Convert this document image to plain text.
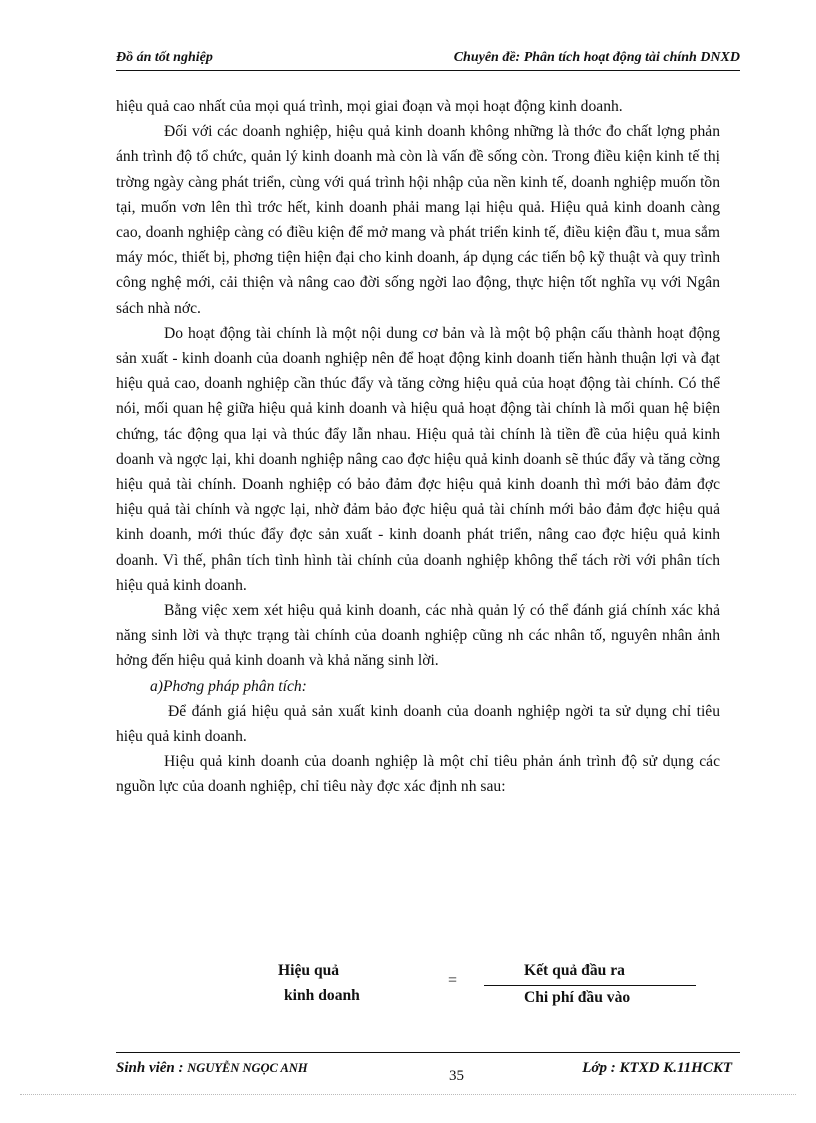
Đồ án tốt nghiệp	Chuyên đề: Phân tích hoạt động tài chính DNXD

hiệu quả cao nhất của mọi quá trình, mọi giai đoạn và mọi hoạt động kinh doanh.

Đối với các doanh nghiệp, hiệu quả kinh doanh không những là thớc đo chất lợng phản ánh trình độ tổ chức, quản lý kinh doanh mà còn là vấn đề sống còn. Trong điều kiện kinh tế thị trờng ngày càng phát triển, cùng với quá trình hội nhập của nền kinh tế, doanh nghiệp muốn tồn tại, muốn vơn lên thì trớc hết, kinh doanh phải mang lại hiệu quả. Hiệu quả kinh doanh càng cao, doanh nghiệp càng có điều kiện để mở mang và phát triển kinh tế, điều kiện đầu t, mua sắm máy móc, thiết bị, phơng tiện hiện đại cho kinh doanh, áp dụng các tiến bộ kỹ thuật và quy trình công nghệ mới, cải thiện và nâng cao đời sống ngời lao động, thực hiện tốt nghĩa vụ với Ngân sách nhà nớc.

Do hoạt động tài chính là một nội dung cơ bản và là một bộ phận cấu thành hoạt động sản xuất - kinh doanh của doanh nghiệp nên để hoạt động kinh doanh tiến hành thuận lợi và đạt hiệu quả cao, doanh nghiệp cần thúc đẩy và tăng cờng hiệu quả của hoạt động tài chính. Có thể nói, mối quan hệ giữa hiệu quả kinh doanh và hiệu quả hoạt động tài chính là mối quan hệ biện chứng, tác động qua lại và thúc đẩy lẫn nhau. Hiệu quả tài chính là tiền đề của hiệu quả kinh doanh và ngợc lại, khi doanh nghiệp nâng cao đợc hiệu quả kinh doanh sẽ thúc đẩy và tăng cờng hiệu quả tài chính. Doanh nghiệp có bảo đảm đợc hiệu quả kinh doanh thì mới bảo đảm đợc hiệu quả tài chính và ngợc lại, nhờ đảm bảo đợc hiệu quả tài chính mới bảo đảm đợc hiệu quả kinh doanh, mới thúc đẩy đợc sản xuất - kinh doanh phát triển, nâng cao đợc hiệu quả kinh doanh. Vì thế, phân tích tình hình tài chính của doanh nghiệp không thể tách rời với phân tích hiệu quả kinh doanh.

Bằng việc xem xét hiệu quả kinh doanh, các nhà quản lý có thể đánh giá chính xác khả năng sinh lời và thực trạng tài chính của doanh nghiệp cũng nh các nhân tố, nguyên nhân ảnh hởng đến hiệu quả kinh doanh và khả năng sinh lời.

a)Phơng pháp phân tích:

Để đánh giá hiệu quả sản xuất kinh doanh của doanh nghiệp ngời ta sử dụng chỉ tiêu hiệu quả kinh doanh.

Hiệu quả kinh doanh của doanh nghiệp là một chỉ tiêu phản ánh trình độ sử dụng các nguồn lực của doanh nghiệp, chỉ tiêu này đợc xác định nh sau:

Hiệu quả
kinh doanh
=
Kết quả đầu ra
Chi phí đầu vào
Sinh viên : NGUYỄN NGỌC ANH	35	Lớp : KTXD K.11HCKT
